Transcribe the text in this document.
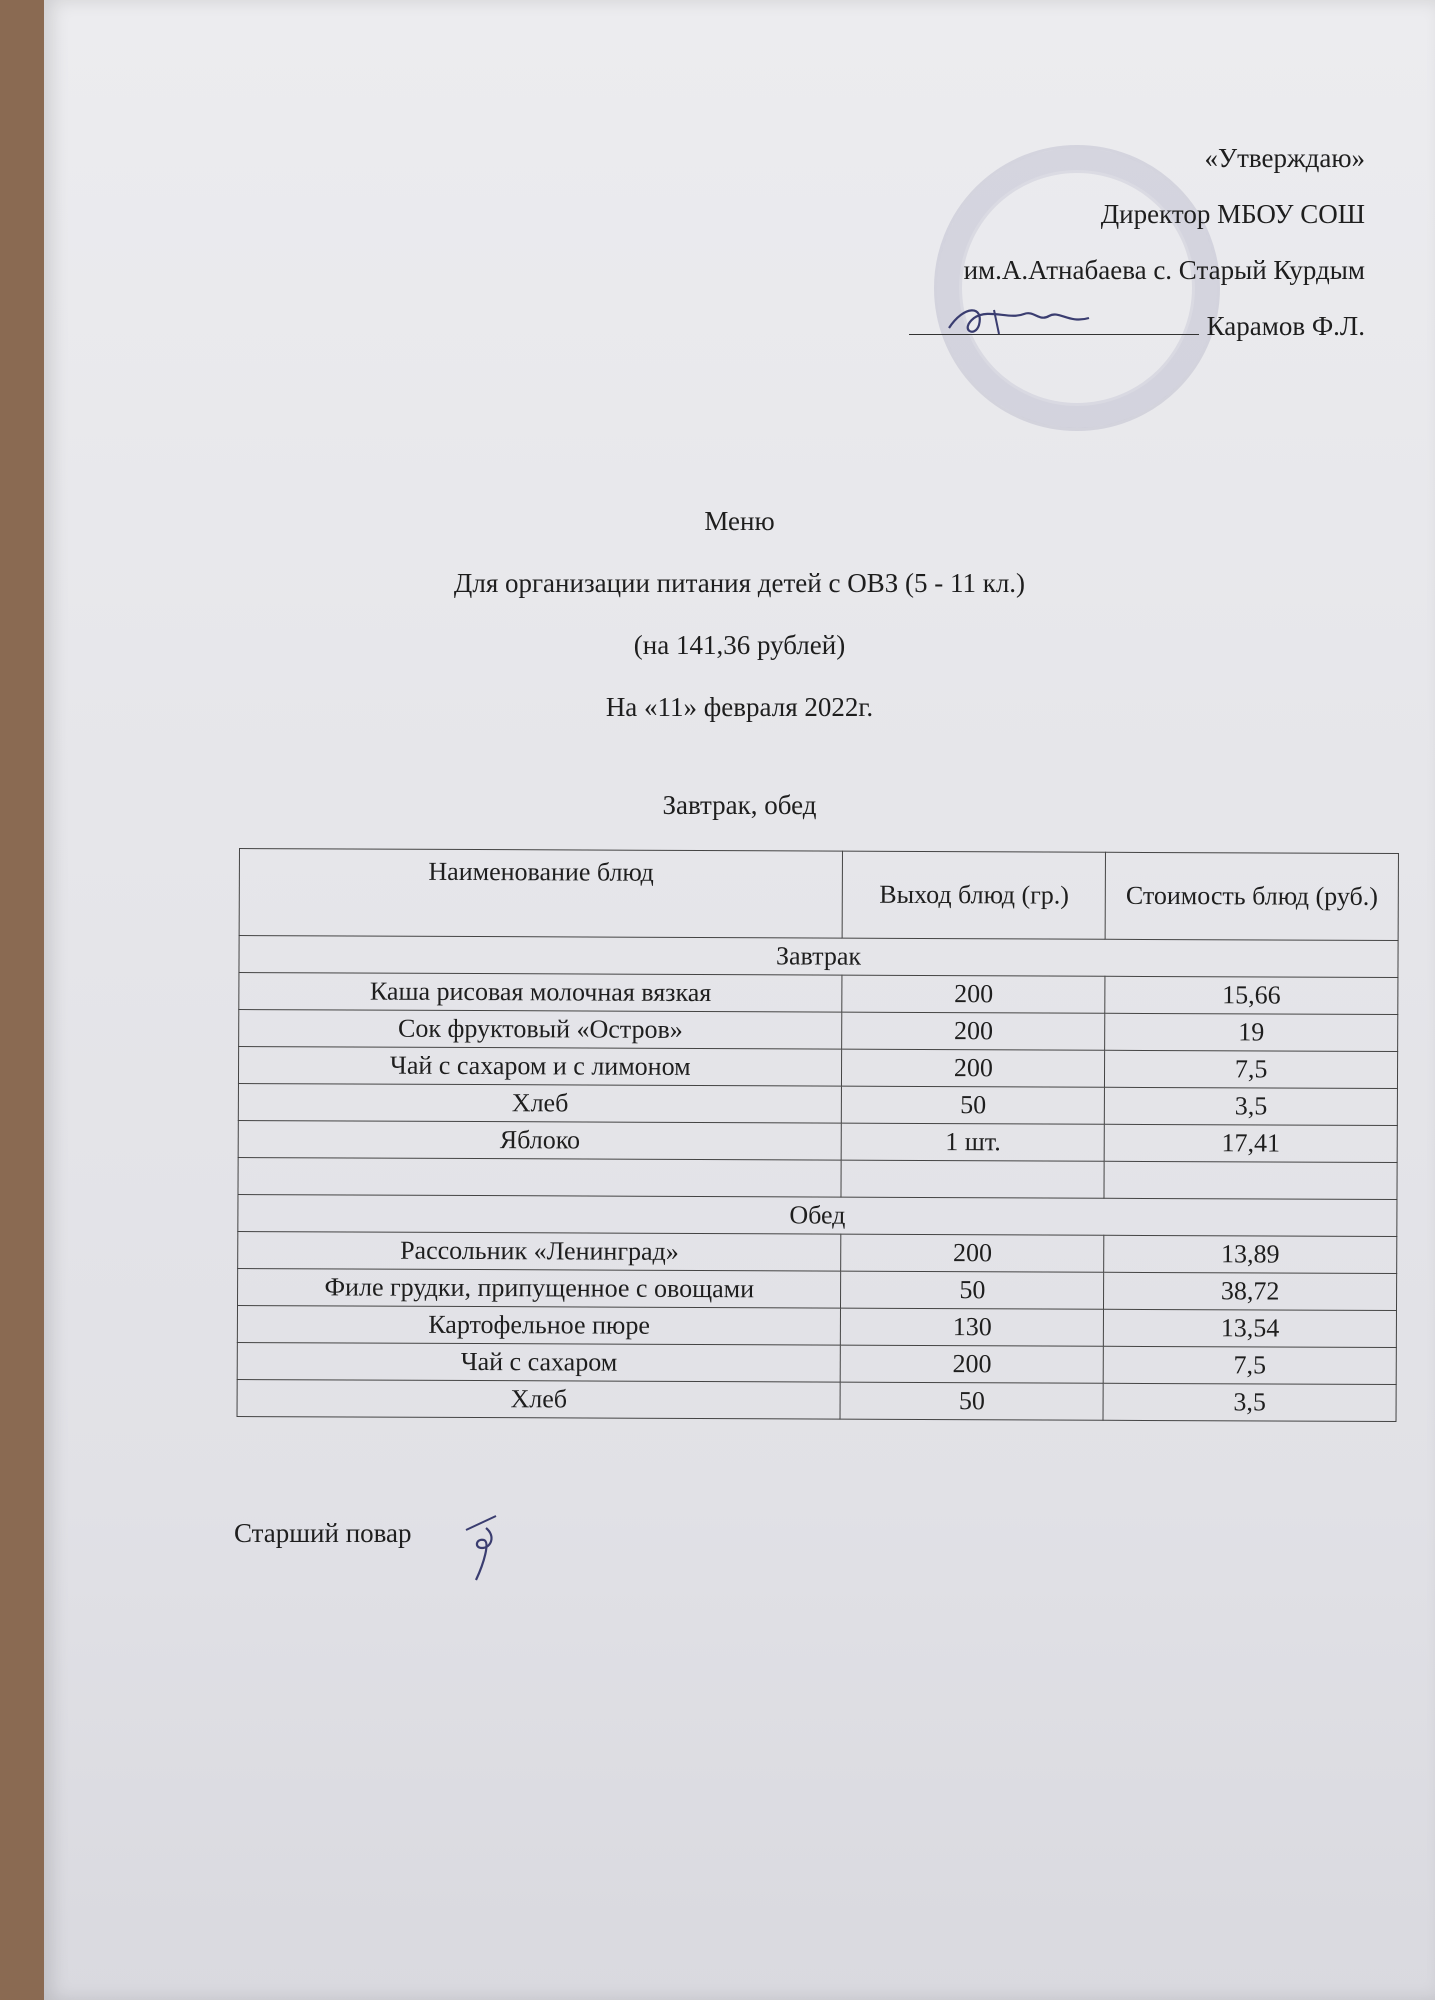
«Утверждаю»
Директор МБОУ СОШ
им.А.Атнабаева с. Старый Курдым
Карамов Ф.Л.
Меню
Для организации питания детей с ОВЗ (5 - 11 кл.)
(на 141,36 рублей)
На «11» февраля 2022г.
Завтрак, обед
Наименование блюд	Выход блюд (гр.)	Стоимость блюд (руб.)
Завтрак		
Каша рисовая молочная вязкая	200	15,66
Сок фруктовый «Остров»	200	19
Чай с сахаром и с лимоном	200	7,5
Хлеб	50	3,5
Яблоко	1 шт.	17,41

Обед		
Рассольник «Ленинград»	200	13,89
Филе грудки, припущенное с овощами	50	38,72
Картофельное пюре	130	13,54
Чай с сахаром	200	7,5
Хлеб	50	3,5
Старший повар
